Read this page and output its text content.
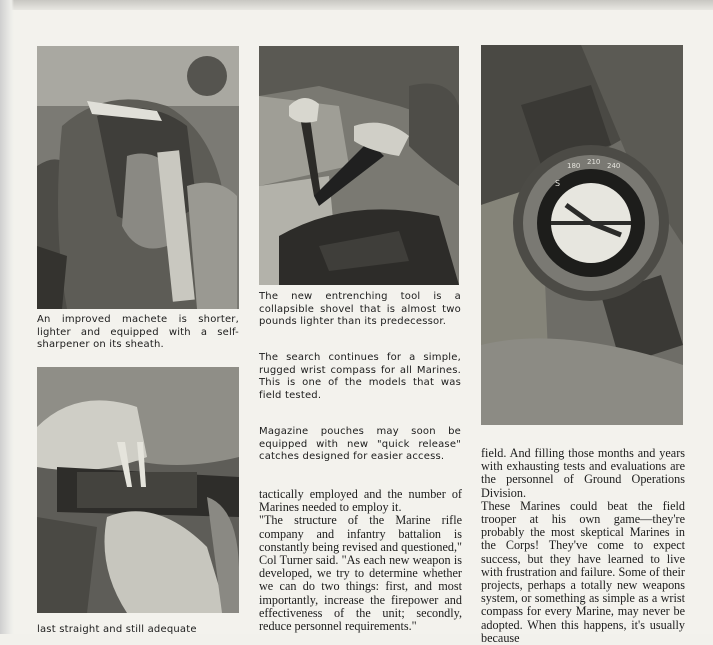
An improved machete is shorter, lighter and equipped with a self-sharpener on its sheath.

last straight and still adequate

The new entrenching tool is a collapsible shovel that is almost two pounds lighter than its predecessor.

The search continues for a simple, rugged wrist compass for all Marines. This is one of the models that was field tested.

Magazine pouches may soon be equipped with new "quick release" catches designed for easier access.

180 210 240
S

tactically employed and the number of Marines needed to employ it.
"The structure of the Marine rifle company and infantry battalion is constantly being revised and questioned," Col Turner said. "As each new weapon is developed, we try to determine whether we can do two things: first, and most importantly, increase the firepower and effectiveness of the unit; secondly, reduce personnel requirements."

field. And filling those months and years with exhausting tests and evaluations are the personnel of Ground Operations Division.
These Marines could beat the field trooper at his own game—they're probably the most skeptical Marines in the Corps! They've come to expect success, but they have learned to live with frustration and failure. Some of their projects, perhaps a totally new weapons system, or something as simple as a wrist compass for every Marine, may never be adopted. When this happens, it's usually because
